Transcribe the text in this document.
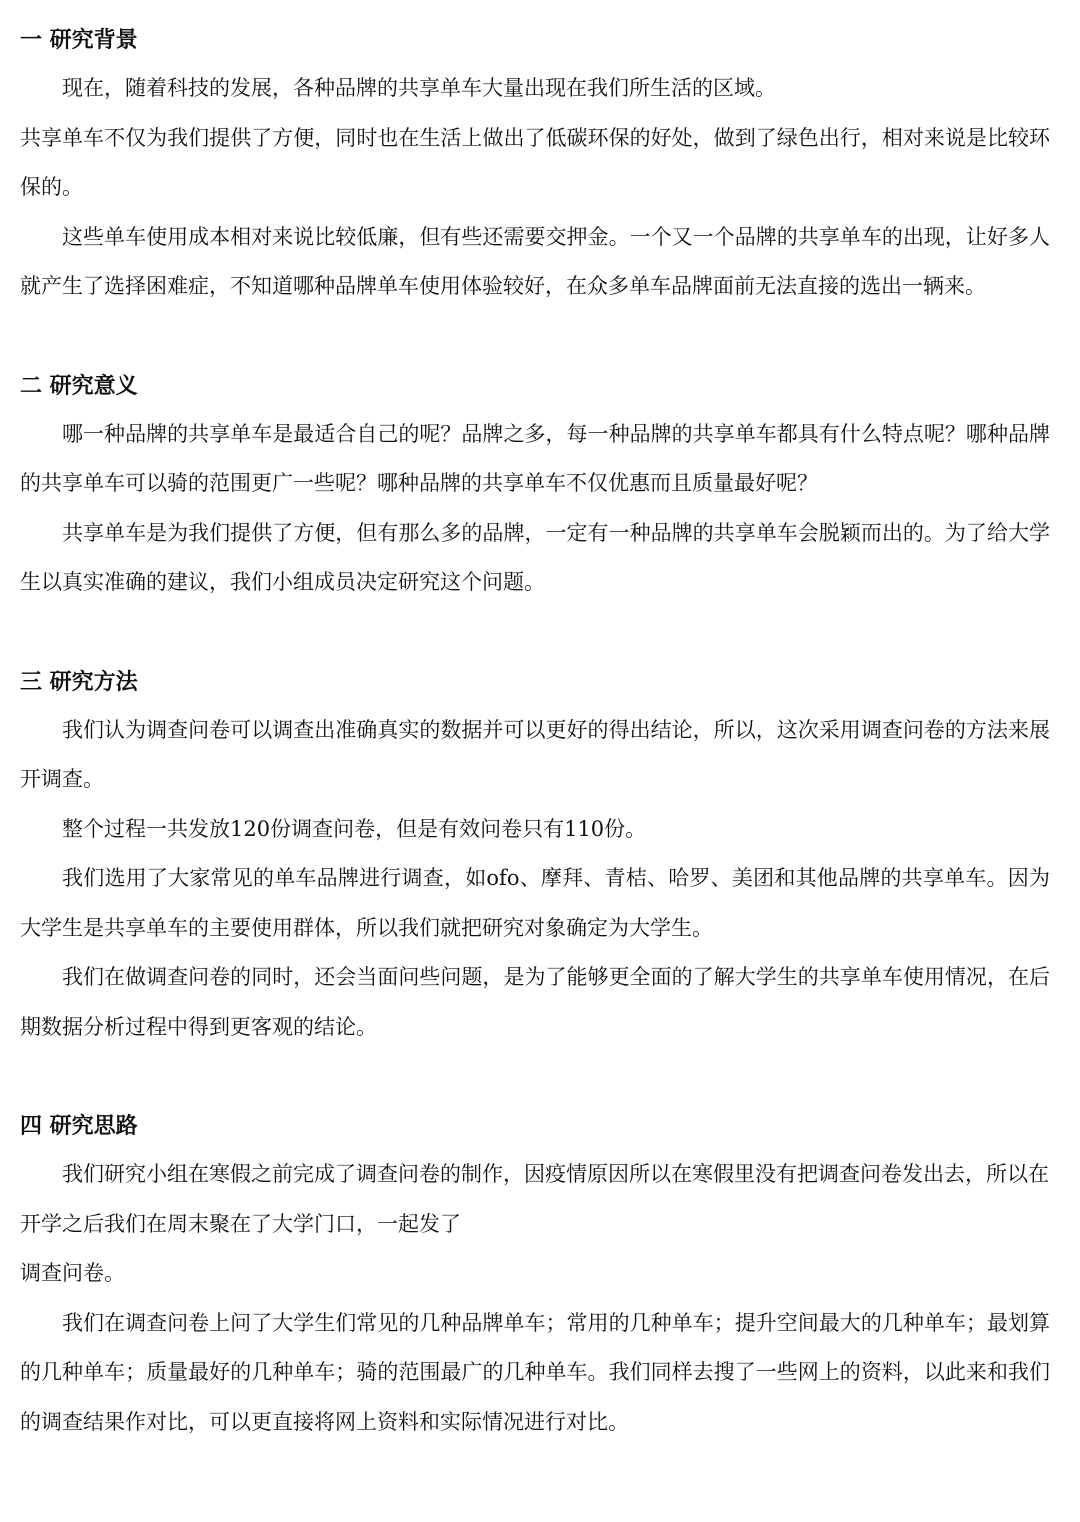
一 研究背景

现在，随着科技的发展，各种品牌的共享单车大量出现在我们所生活的区域。

共享单车不仅为我们提供了方便，同时也在生活上做出了低碳环保的好处，做到了绿色出行，相对来说是比较环保的。

这些单车使用成本相对来说比较低廉，但有些还需要交押金。一个又一个品牌的共享单车的出现，让好多人就产生了选择困难症，不知道哪种品牌单车使用体验较好，在众多单车品牌面前无法直接的选出一辆来。

二 研究意义

哪一种品牌的共享单车是最适合自己的呢？品牌之多，每一种品牌的共享单车都具有什么特点呢？哪种品牌的共享单车可以骑的范围更广一些呢？哪种品牌的共享单车不仅优惠而且质量最好呢？

共享单车是为我们提供了方便，但有那么多的品牌，一定有一种品牌的共享单车会脱颖而出的。为了给大学生以真实准确的建议，我们小组成员决定研究这个问题。

三 研究方法

我们认为调查问卷可以调查出准确真实的数据并可以更好的得出结论，所以，这次采用调查问卷的方法来展开调查。

整个过程一共发放120份调查问卷，但是有效问卷只有110份。

我们选用了大家常见的单车品牌进行调查，如ofo、摩拜、青桔、哈罗、美团和其他品牌的共享单车。因为大学生是共享单车的主要使用群体，所以我们就把研究对象确定为大学生。

我们在做调查问卷的同时，还会当面问些问题，是为了能够更全面的了解大学生的共享单车使用情况，在后期数据分析过程中得到更客观的结论。

四 研究思路

我们研究小组在寒假之前完成了调查问卷的制作，因疫情原因所以在寒假里没有把调查问卷发出去，所以在开学之后我们在周末聚在了大学门口，一起发了

调查问卷。

我们在调查问卷上问了大学生们常见的几种品牌单车；常用的几种单车；提升空间最大的几种单车；最划算的几种单车；质量最好的几种单车；骑的范围最广的几种单车。我们同样去搜了一些网上的资料，以此来和我们的调查结果作对比，可以更直接将网上资料和实际情况进行对比。
